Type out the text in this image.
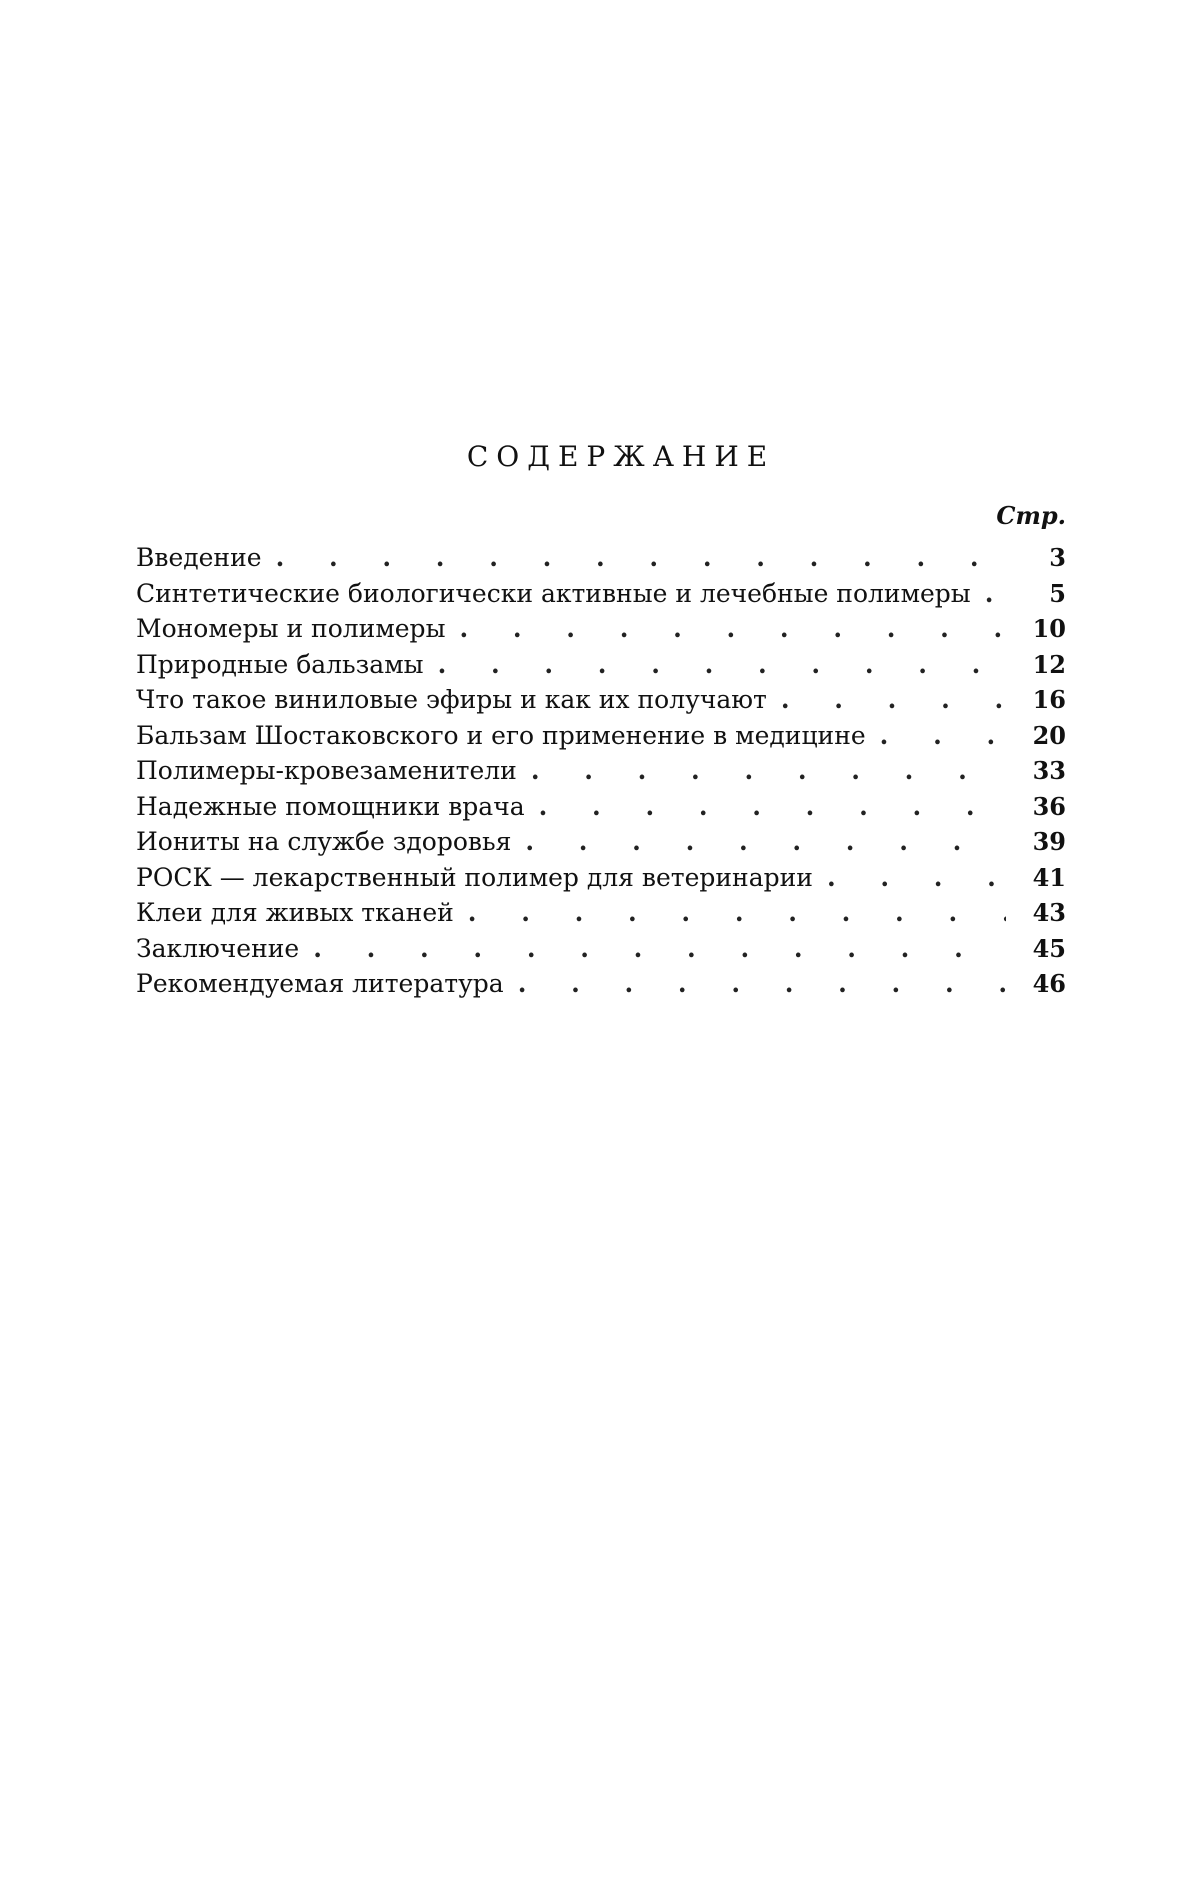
СОДЕРЖАНИЕ
Стр.
Введение . . .	3
Синтетические биологически активные и лечебные полимеры . . .	5
Мономеры и полимеры . . .	10
Природные бальзамы . . .	12
Что такое виниловые эфиры и как их получают . . .	16
Бальзам Шостаковского и его применение в медицине . . .	20
Полимеры-кровезаменители . . .	33
Надежные помощники врача . . .	36
Иониты на службе здоровья . . .	39
РОСК — лекарственный полимер для ветеринарии . . .	41
Клеи для живых тканей . . .	43
Заключение . . .	45
Рекомендуемая литература . . .	46
